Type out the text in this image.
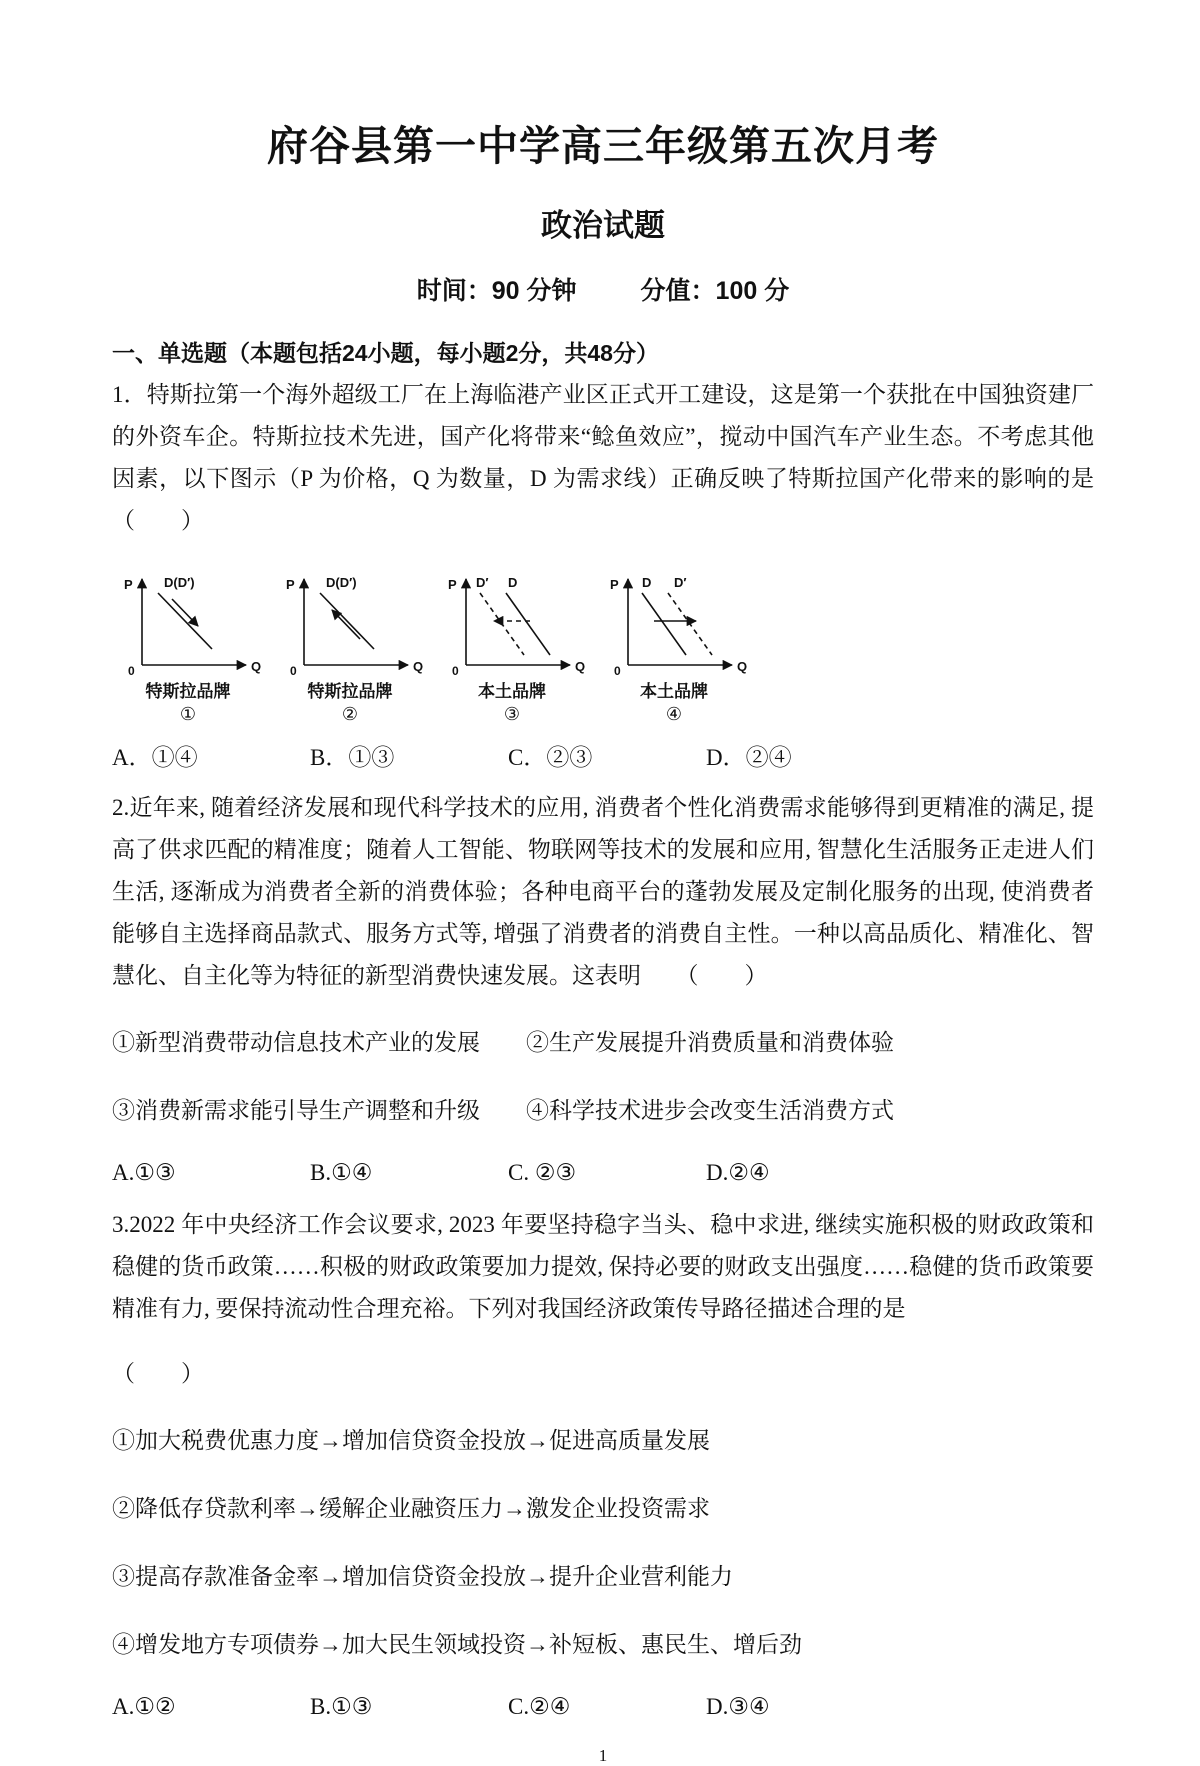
府谷县第一中学高三年级第五次月考
政治试题
时间：90 分钟	分值：100 分
一、单选题（本题包括24小题，每小题2分，共48分）

1．特斯拉第一个海外超级工厂在上海临港产业区正式开工建设，这是第一个获批在中国独资建厂的外资车企。特斯拉技术先进，国产化将带来“鲶鱼效应”，搅动中国汽车产业生态。不考虑其他因素，以下图示（P 为价格，Q 为数量，D 为需求线）正确反映了特斯拉国产化带来的影响的是（　　）

P
Q
0
D(D′)
特斯拉品牌
①
P
Q
0
D(D′)
特斯拉品牌
②
P
Q
0
D′ D
本土品牌
③
P
Q
0
D D′
本土品牌
④
A．①④	B．①③	C．②③	D．②④

2.近年来, 随着经济发展和现代科学技术的应用, 消费者个性化消费需求能够得到更精准的满足, 提高了供求匹配的精准度；随着人工智能、物联网等技术的发展和应用, 智慧化生活服务正走进人们生活, 逐渐成为消费者全新的消费体验；各种电商平台的蓬勃发展及定制化服务的出现, 使消费者能够自主选择商品款式、服务方式等, 增强了消费者的消费自主性。一种以高品质化、精准化、智慧化、自主化等为特征的新型消费快速发展。这表明　　（　　）

①新型消费带动信息技术产业的发展　　②生产发展提升消费质量和消费体验

③消费新需求能引导生产调整和升级　　④科学技术进步会改变生活消费方式

A.①③	B.①④	C. ②③	D.②④

3.2022 年中央经济工作会议要求, 2023 年要坚持稳字当头、稳中求进, 继续实施积极的财政政策和稳健的货币政策……积极的财政政策要加力提效, 保持必要的财政支出强度……稳健的货币政策要精准有力, 要保持流动性合理充裕。下列对我国经济政策传导路径描述合理的是

（　　）

①加大税费优惠力度→增加信贷资金投放→促进高质量发展

②降低存贷款利率→缓解企业融资压力→激发企业投资需求

③提高存款准备金率→增加信贷资金投放→提升企业营利能力

④增发地方专项债券→加大民生领域投资→补短板、惠民生、增后劲

A.①②	B.①③	C.②④	D.③④
1
